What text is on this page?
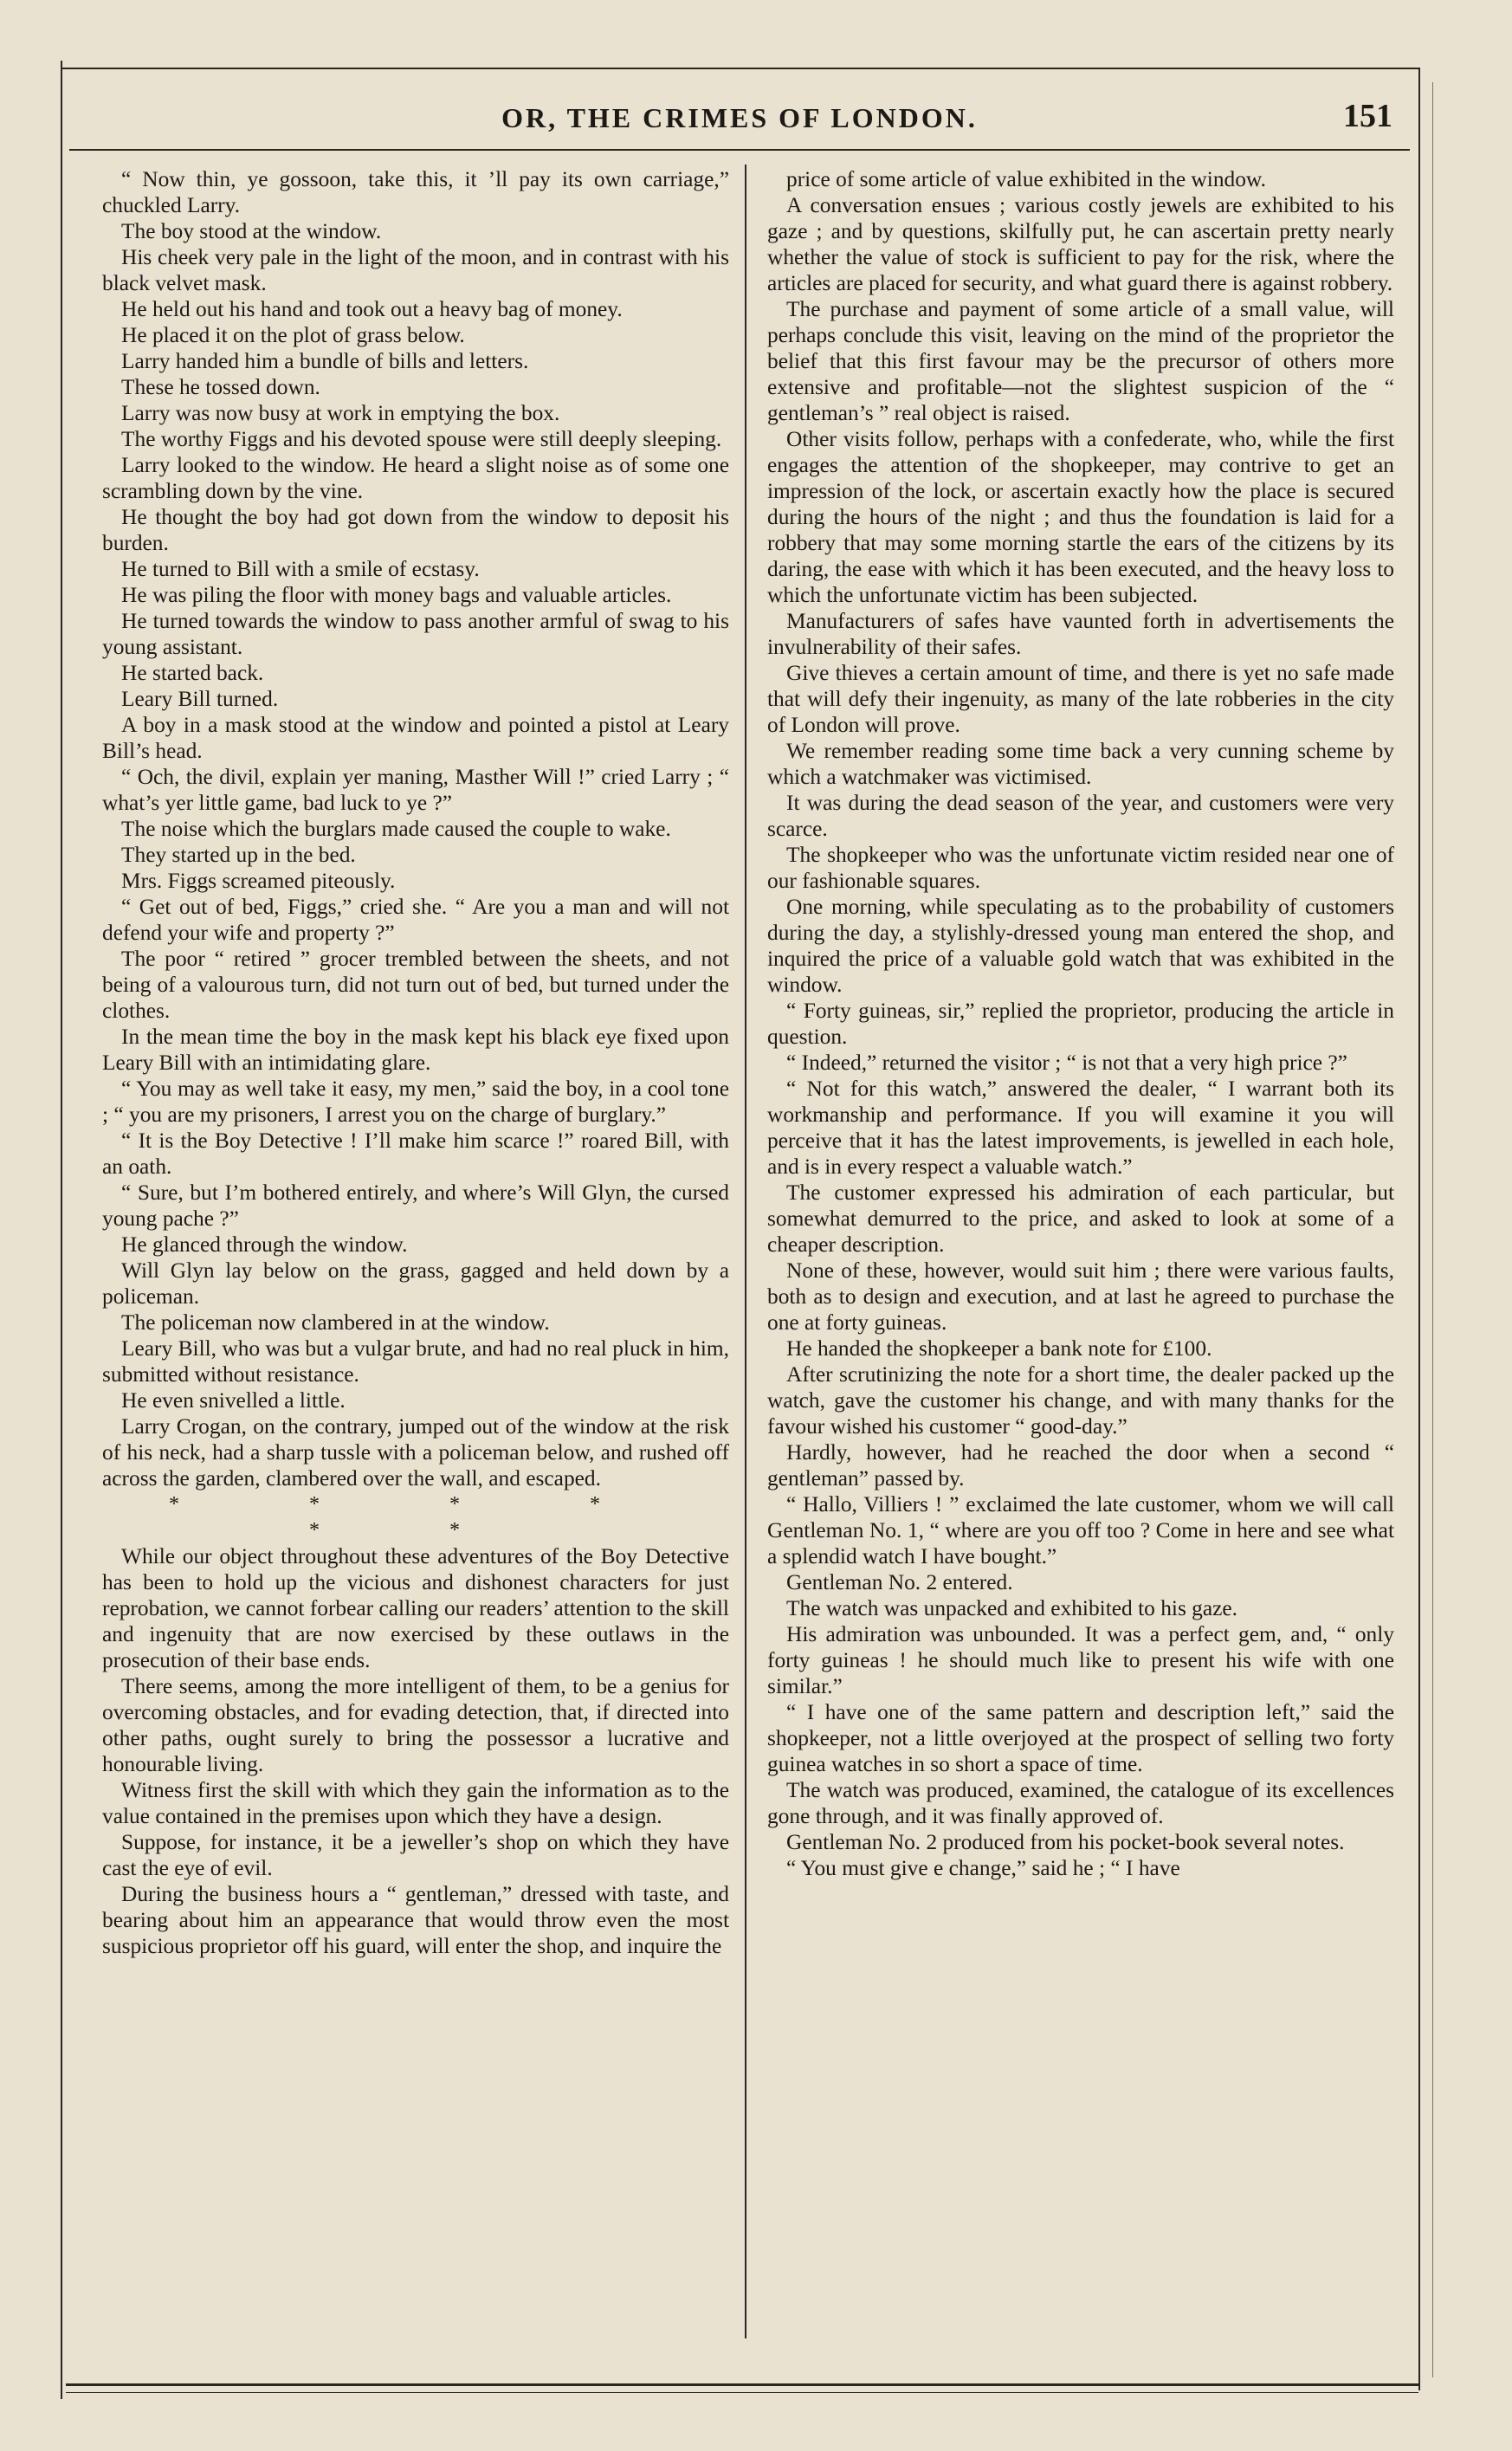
OR, THE CRIMES OF LONDON.	151

“ Now thin, ye gossoon, take this, it ’ll pay its own carriage,” chuckled Larry.

The boy stood at the window.

His cheek very pale in the light of the moon, and in contrast with his black velvet mask.

He held out his hand and took out a heavy bag of money.

He placed it on the plot of grass below.

Larry handed him a bundle of bills and letters.

These he tossed down.

Larry was now busy at work in emptying the box.

The worthy Figgs and his devoted spouse were still deeply sleeping.

Larry looked to the window. He heard a slight noise as of some one scrambling down by the vine.

He thought the boy had got down from the window to deposit his burden.

He turned to Bill with a smile of ecstasy.

He was piling the floor with money bags and valuable articles.

He turned towards the window to pass another armful of swag to his young assistant.

He started back.

Leary Bill turned.

A boy in a mask stood at the window and pointed a pistol at Leary Bill’s head.

“ Och, the divil, explain yer maning, Masther Will !” cried Larry ; “ what’s yer little game, bad luck to ye ?”

The noise which the burglars made caused the couple to wake.

They started up in the bed.

Mrs. Figgs screamed piteously.

“ Get out of bed, Figgs,” cried she. “ Are you a man and will not defend your wife and property ?”

The poor “ retired ” grocer trembled between the sheets, and not being of a valourous turn, did not turn out of bed, but turned under the clothes.

In the mean time the boy in the mask kept his black eye fixed upon Leary Bill with an intimidating glare.

“ You may as well take it easy, my men,” said the boy, in a cool tone ; “ you are my prisoners, I arrest you on the charge of burglary.”

“ It is the Boy Detective ! I’ll make him scarce !” roared Bill, with an oath.

“ Sure, but I’m bothered entirely, and where’s Will Glyn, the cursed young pache ?”

He glanced through the window.

Will Glyn lay below on the grass, gagged and held down by a policeman.

The policeman now clambered in at the window.

Leary Bill, who was but a vulgar brute, and had no real pluck in him, submitted without resistance.

He even snivelled a little.

Larry Crogan, on the contrary, jumped out of the window at the risk of his neck, had a sharp tussle with a policeman below, and rushed off across the garden, clambered over the wall, and escaped.

* * * * * *

While our object throughout these adventures of the Boy Detective has been to hold up the vicious and dishonest characters for just reprobation, we cannot forbear calling our readers’ attention to the skill and ingenuity that are now exercised by these outlaws in the prosecution of their base ends.

There seems, among the more intelligent of them, to be a genius for overcoming obstacles, and for evading detection, that, if directed into other paths, ought surely to bring the possessor a lucrative and honourable living.

Witness first the skill with which they gain the information as to the value contained in the premises upon which they have a design.

Suppose, for instance, it be a jeweller’s shop on which they have cast the eye of evil.

During the business hours a “ gentleman,” dressed with taste, and bearing about him an appearance that would throw even the most suspicious proprietor off his guard, will enter the shop, and inquire the

price of some article of value exhibited in the window.

A conversation ensues ; various costly jewels are exhibited to his gaze ; and by questions, skilfully put, he can ascertain pretty nearly whether the value of stock is sufficient to pay for the risk, where the articles are placed for security, and what guard there is against robbery.

The purchase and payment of some article of a small value, will perhaps conclude this visit, leaving on the mind of the proprietor the belief that this first favour may be the precursor of others more extensive and profitable—not the slightest suspicion of the “ gentleman’s ” real object is raised.

Other visits follow, perhaps with a confederate, who, while the first engages the attention of the shopkeeper, may contrive to get an impression of the lock, or ascertain exactly how the place is secured during the hours of the night ; and thus the foundation is laid for a robbery that may some morning startle the ears of the citizens by its daring, the ease with which it has been executed, and the heavy loss to which the unfortunate victim has been subjected.

Manufacturers of safes have vaunted forth in advertisements the invulnerability of their safes.

Give thieves a certain amount of time, and there is yet no safe made that will defy their ingenuity, as many of the late robberies in the city of London will prove.

We remember reading some time back a very cunning scheme by which a watchmaker was victimised.

It was during the dead season of the year, and customers were very scarce.

The shopkeeper who was the unfortunate victim resided near one of our fashionable squares.

One morning, while speculating as to the probability of customers during the day, a stylishly-dressed young man entered the shop, and inquired the price of a valuable gold watch that was exhibited in the window.

“ Forty guineas, sir,” replied the proprietor, producing the article in question.

“ Indeed,” returned the visitor ; “ is not that a very high price ?”

“ Not for this watch,” answered the dealer, “ I warrant both its workmanship and performance. If you will examine it you will perceive that it has the latest improvements, is jewelled in each hole, and is in every respect a valuable watch.”

The customer expressed his admiration of each particular, but somewhat demurred to the price, and asked to look at some of a cheaper description.

None of these, however, would suit him ; there were various faults, both as to design and execution, and at last he agreed to purchase the one at forty guineas.

He handed the shopkeeper a bank note for £100.

After scrutinizing the note for a short time, the dealer packed up the watch, gave the customer his change, and with many thanks for the favour wished his customer “ good-day.”

Hardly, however, had he reached the door when a second “ gentleman” passed by.

“ Hallo, Villiers ! ” exclaimed the late customer, whom we will call Gentleman No. 1, “ where are you off too ? Come in here and see what a splendid watch I have bought.”

Gentleman No. 2 entered.

The watch was unpacked and exhibited to his gaze.

His admiration was unbounded. It was a perfect gem, and, “ only forty guineas ! he should much like to present his wife with one similar.”

“ I have one of the same pattern and description left,” said the shopkeeper, not a little overjoyed at the prospect of selling two forty guinea watches in so short a space of time.

The watch was produced, examined, the catalogue of its excellences gone through, and it was finally approved of.

Gentleman No. 2 produced from his pocket-book several notes.

“ You must give e change,” said he ; “ I have
